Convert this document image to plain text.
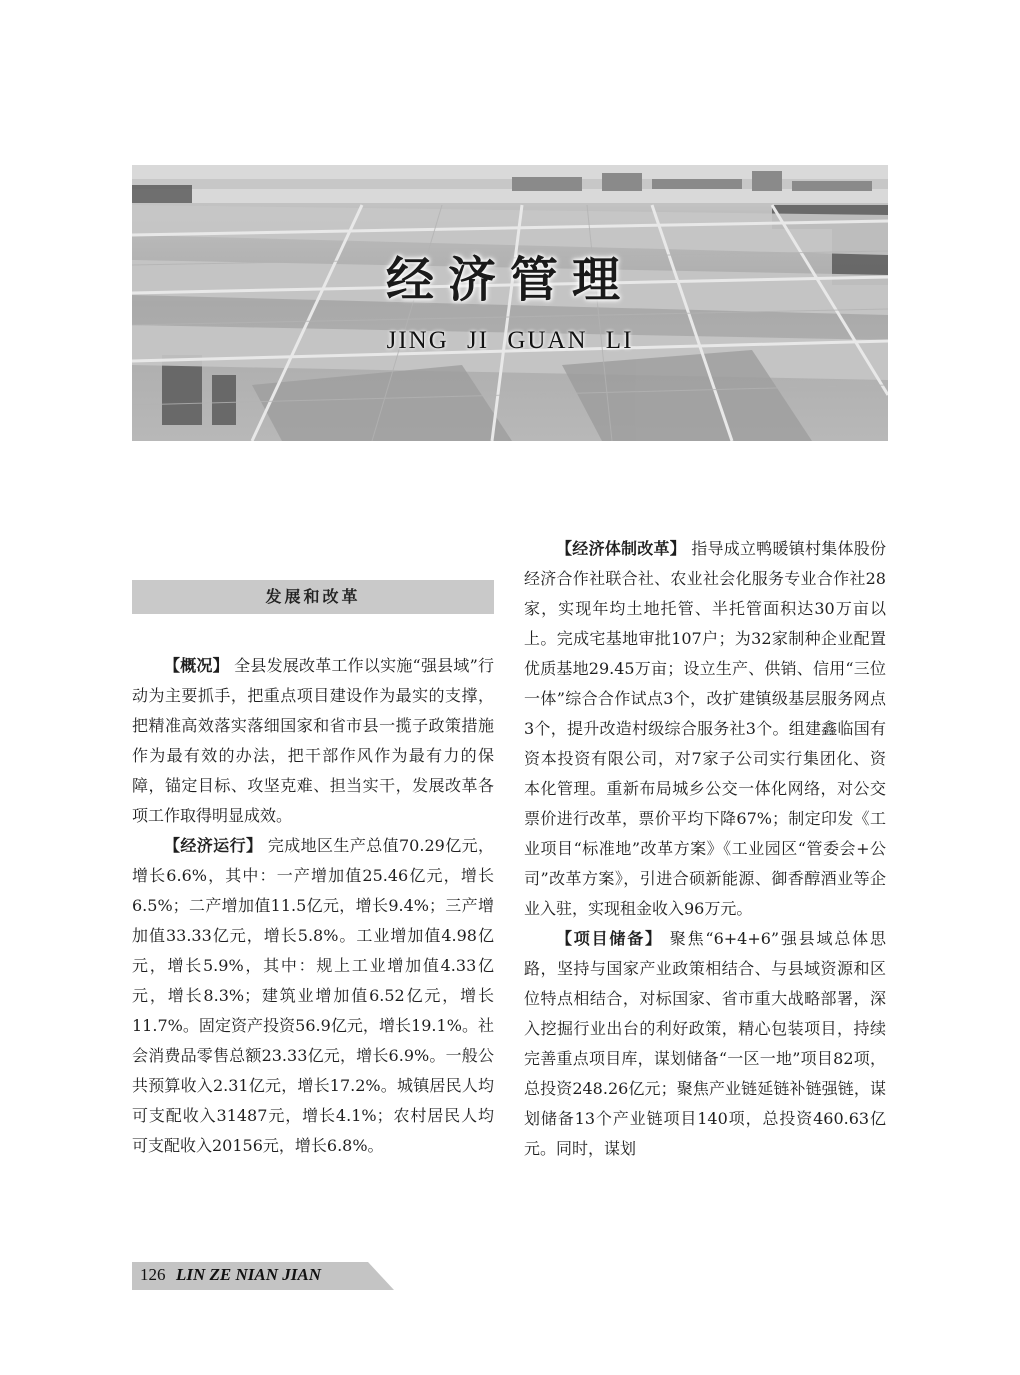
经济管理
JING JI GUAN LI
发展和改革

【概况】 全县发展改革工作以实施“强县域”行动为主要抓手，把重点项目建设作为最实的支撑，把精准高效落实落细国家和省市县一揽子政策措施作为最有效的办法，把干部作风作为最有力的保障，锚定目标、攻坚克难、担当实干，发展改革各项工作取得明显成效。

【经济运行】 完成地区生产总值70.29亿元，增长6.6%，其中：一产增加值25.46亿元，增长6.5%；二产增加值11.5亿元，增长9.4%；三产增加值33.33亿元，增长5.8%。工业增加值4.98亿元，增长5.9%，其中：规上工业增加值4.33亿元，增长8.3%；建筑业增加值6.52亿元，增长11.7%。固定资产投资56.9亿元，增长19.1%。社会消费品零售总额23.33亿元，增长6.9%。一般公共预算收入2.31亿元，增长17.2%。城镇居民人均可支配收入31487元，增长4.1%；农村居民人均可支配收入20156元，增长6.8%。

【经济体制改革】 指导成立鸭暖镇村集体股份经济合作社联合社、农业社会化服务专业合作社28家，实现年均土地托管、半托管面积达30万亩以上。完成宅基地审批107户；为32家制种企业配置优质基地29.45万亩；设立生产、供销、信用“三位一体”综合合作试点3个，改扩建镇级基层服务网点3个，提升改造村级综合服务社3个。组建鑫临国有资本投资有限公司，对7家子公司实行集团化、资本化管理。重新布局城乡公交一体化网络，对公交票价进行改革，票价平均下降67%；制定印发《工业项目“标准地”改革方案》《工业园区“管委会+公司”改革方案》，引进合硕新能源、御香醇酒业等企业入驻，实现租金收入96万元。

【项目储备】 聚焦“6+4+6”强县域总体思路，坚持与国家产业政策相结合、与县域资源和区位特点相结合，对标国家、省市重大战略部署，深入挖掘行业出台的利好政策，精心包装项目，持续完善重点项目库，谋划储备“一区一地”项目82项，总投资248.26亿元；聚焦产业链延链补链强链，谋划储备13个产业链项目140项，总投资460.63亿元。同时，谋划

126 LIN ZE NIAN JIAN
